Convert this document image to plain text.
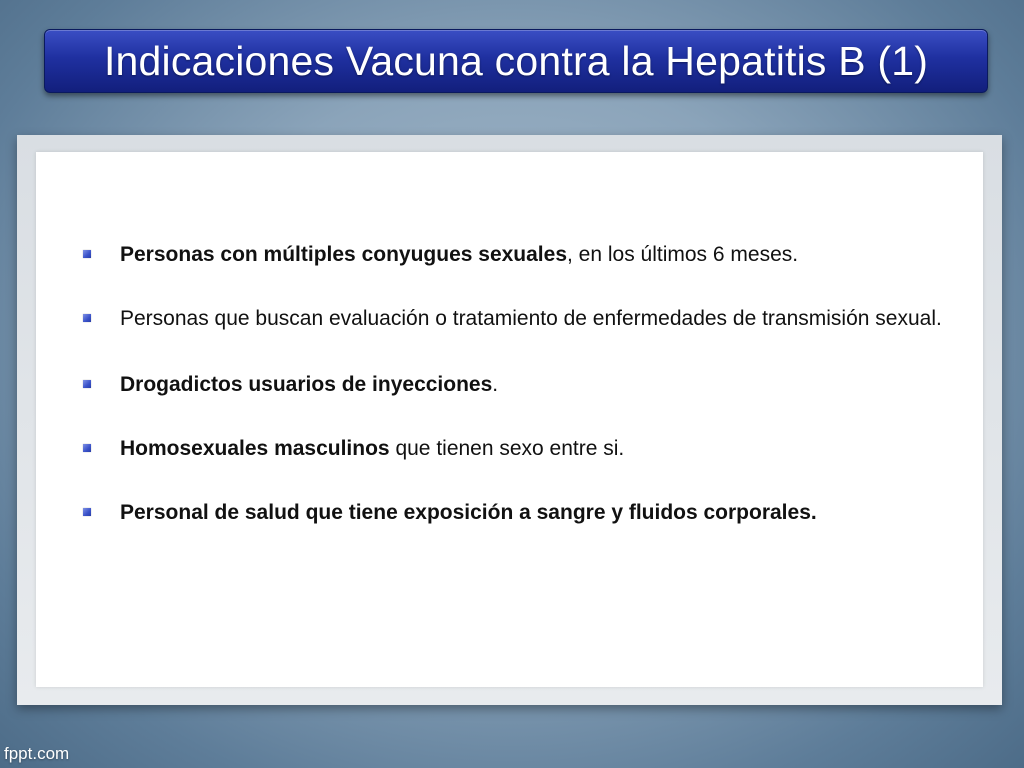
Indicaciones Vacuna contra la Hepatitis B (1)
Personas con múltiples conyugues sexuales, en los últimos 6 meses.
Personas que buscan evaluación o tratamiento de enfermedades de transmisión sexual.
Drogadictos usuarios de inyecciones.
Homosexuales masculinos que tienen sexo entre si.
Personal de salud que tiene exposición a sangre y fluidos corporales.
fppt.com
